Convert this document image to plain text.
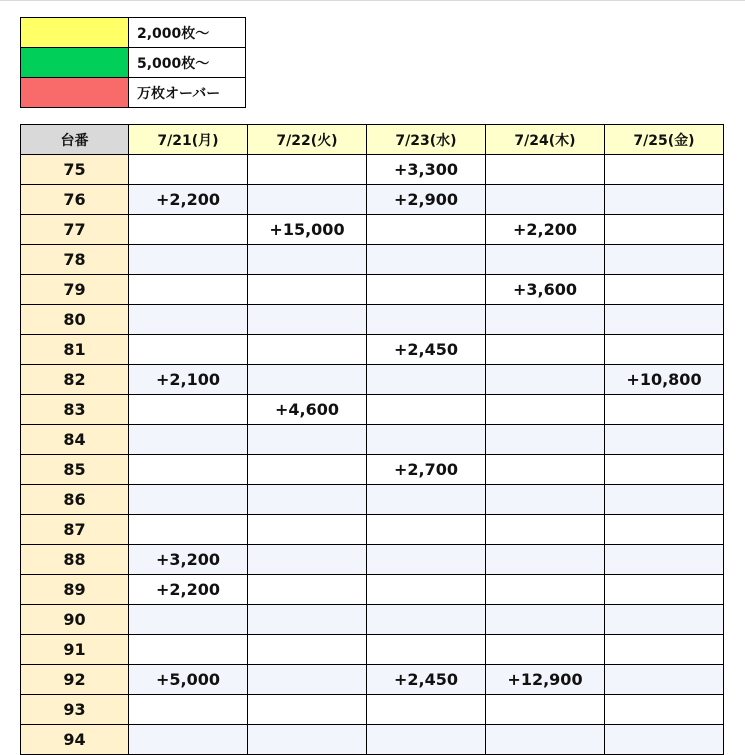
	2,000枚～
	5,000枚～
	万枚オーバー
台番	7/21(月)	7/22(火)	7/23(水)	7/24(木)	7/25(金)
75			+3,300		
76	+2,200		+2,900		
77		+15,000		+2,200	
78					
79				+3,600	
80					
81			+2,450		
82	+2,100				+10,800
83		+4,600			
84					
85			+2,700		
86					
87					
88	+3,200				
89	+2,200				
90					
91					
92	+5,000		+2,450	+12,900	
93					
94					
